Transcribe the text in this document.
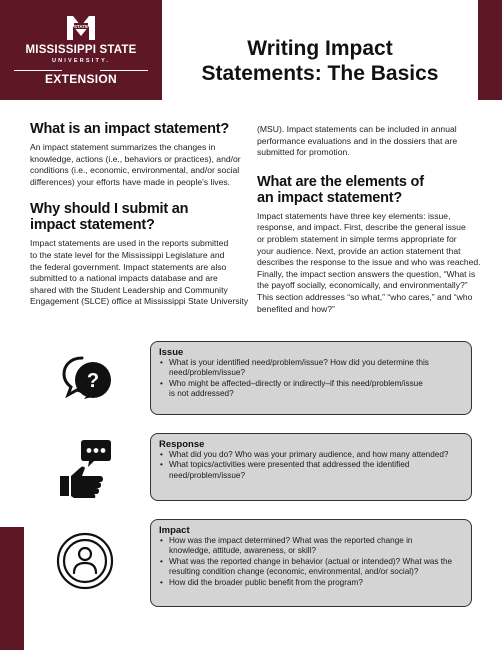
STATE
MISSISSIPPI STATE
UNIVERSITY.
EXTENSION
Writing Impact
Statements: The Basics
What is an impact statement?
An impact statement summarizes the changes in
knowledge, actions (i.e., behaviors or practices), and/or
conditions (i.e., economic, environmental, and/or social
differences) your efforts have made in people's lives.
Why should I submit an
impact statement?
Impact statements are used in the reports submitted
to the state level for the Mississippi Legislature and
the federal government. Impact statements are also
submitted to a national impacts database and are
shared with the Student Leadership and Community
Engagement (SLCE) office at Mississippi State University
(MSU). Impact statements can be included in annual
performance evaluations and in the dossiers that are
submitted for promotion.
What are the elements of
an impact statement?
Impact statements have three key elements: issue,
response, and impact. First, describe the general issue
or problem statement in simple terms appropriate for
your audience. Next, provide an action statement that
describes the response to the issue and who was reached.
Finally, the impact section answers the question, “What is
the payoff socially, economically, and environmentally?”
This section addresses “so what,” “who cares,” and “who
benefited and how?”
?
Issue
• What is your identified need/problem/issue? How did you determine this
need/problem/issue?
• Who might be affected–directly or indirectly–if this need/problem/issue
is not addressed?
Response
• What did you do? Who was your primary audience, and how many attended?
• What topics/activities were presented that addressed the identified
need/problem/issue?
Impact
• How was the impact determined? What was the reported change in
knowledge, attitude, awareness, or skill?
• What was the reported change in behavior (actual or intended)? What was the
resulting condition change (economic, environmental, and/or social)?
• How did the broader public benefit from the program?
